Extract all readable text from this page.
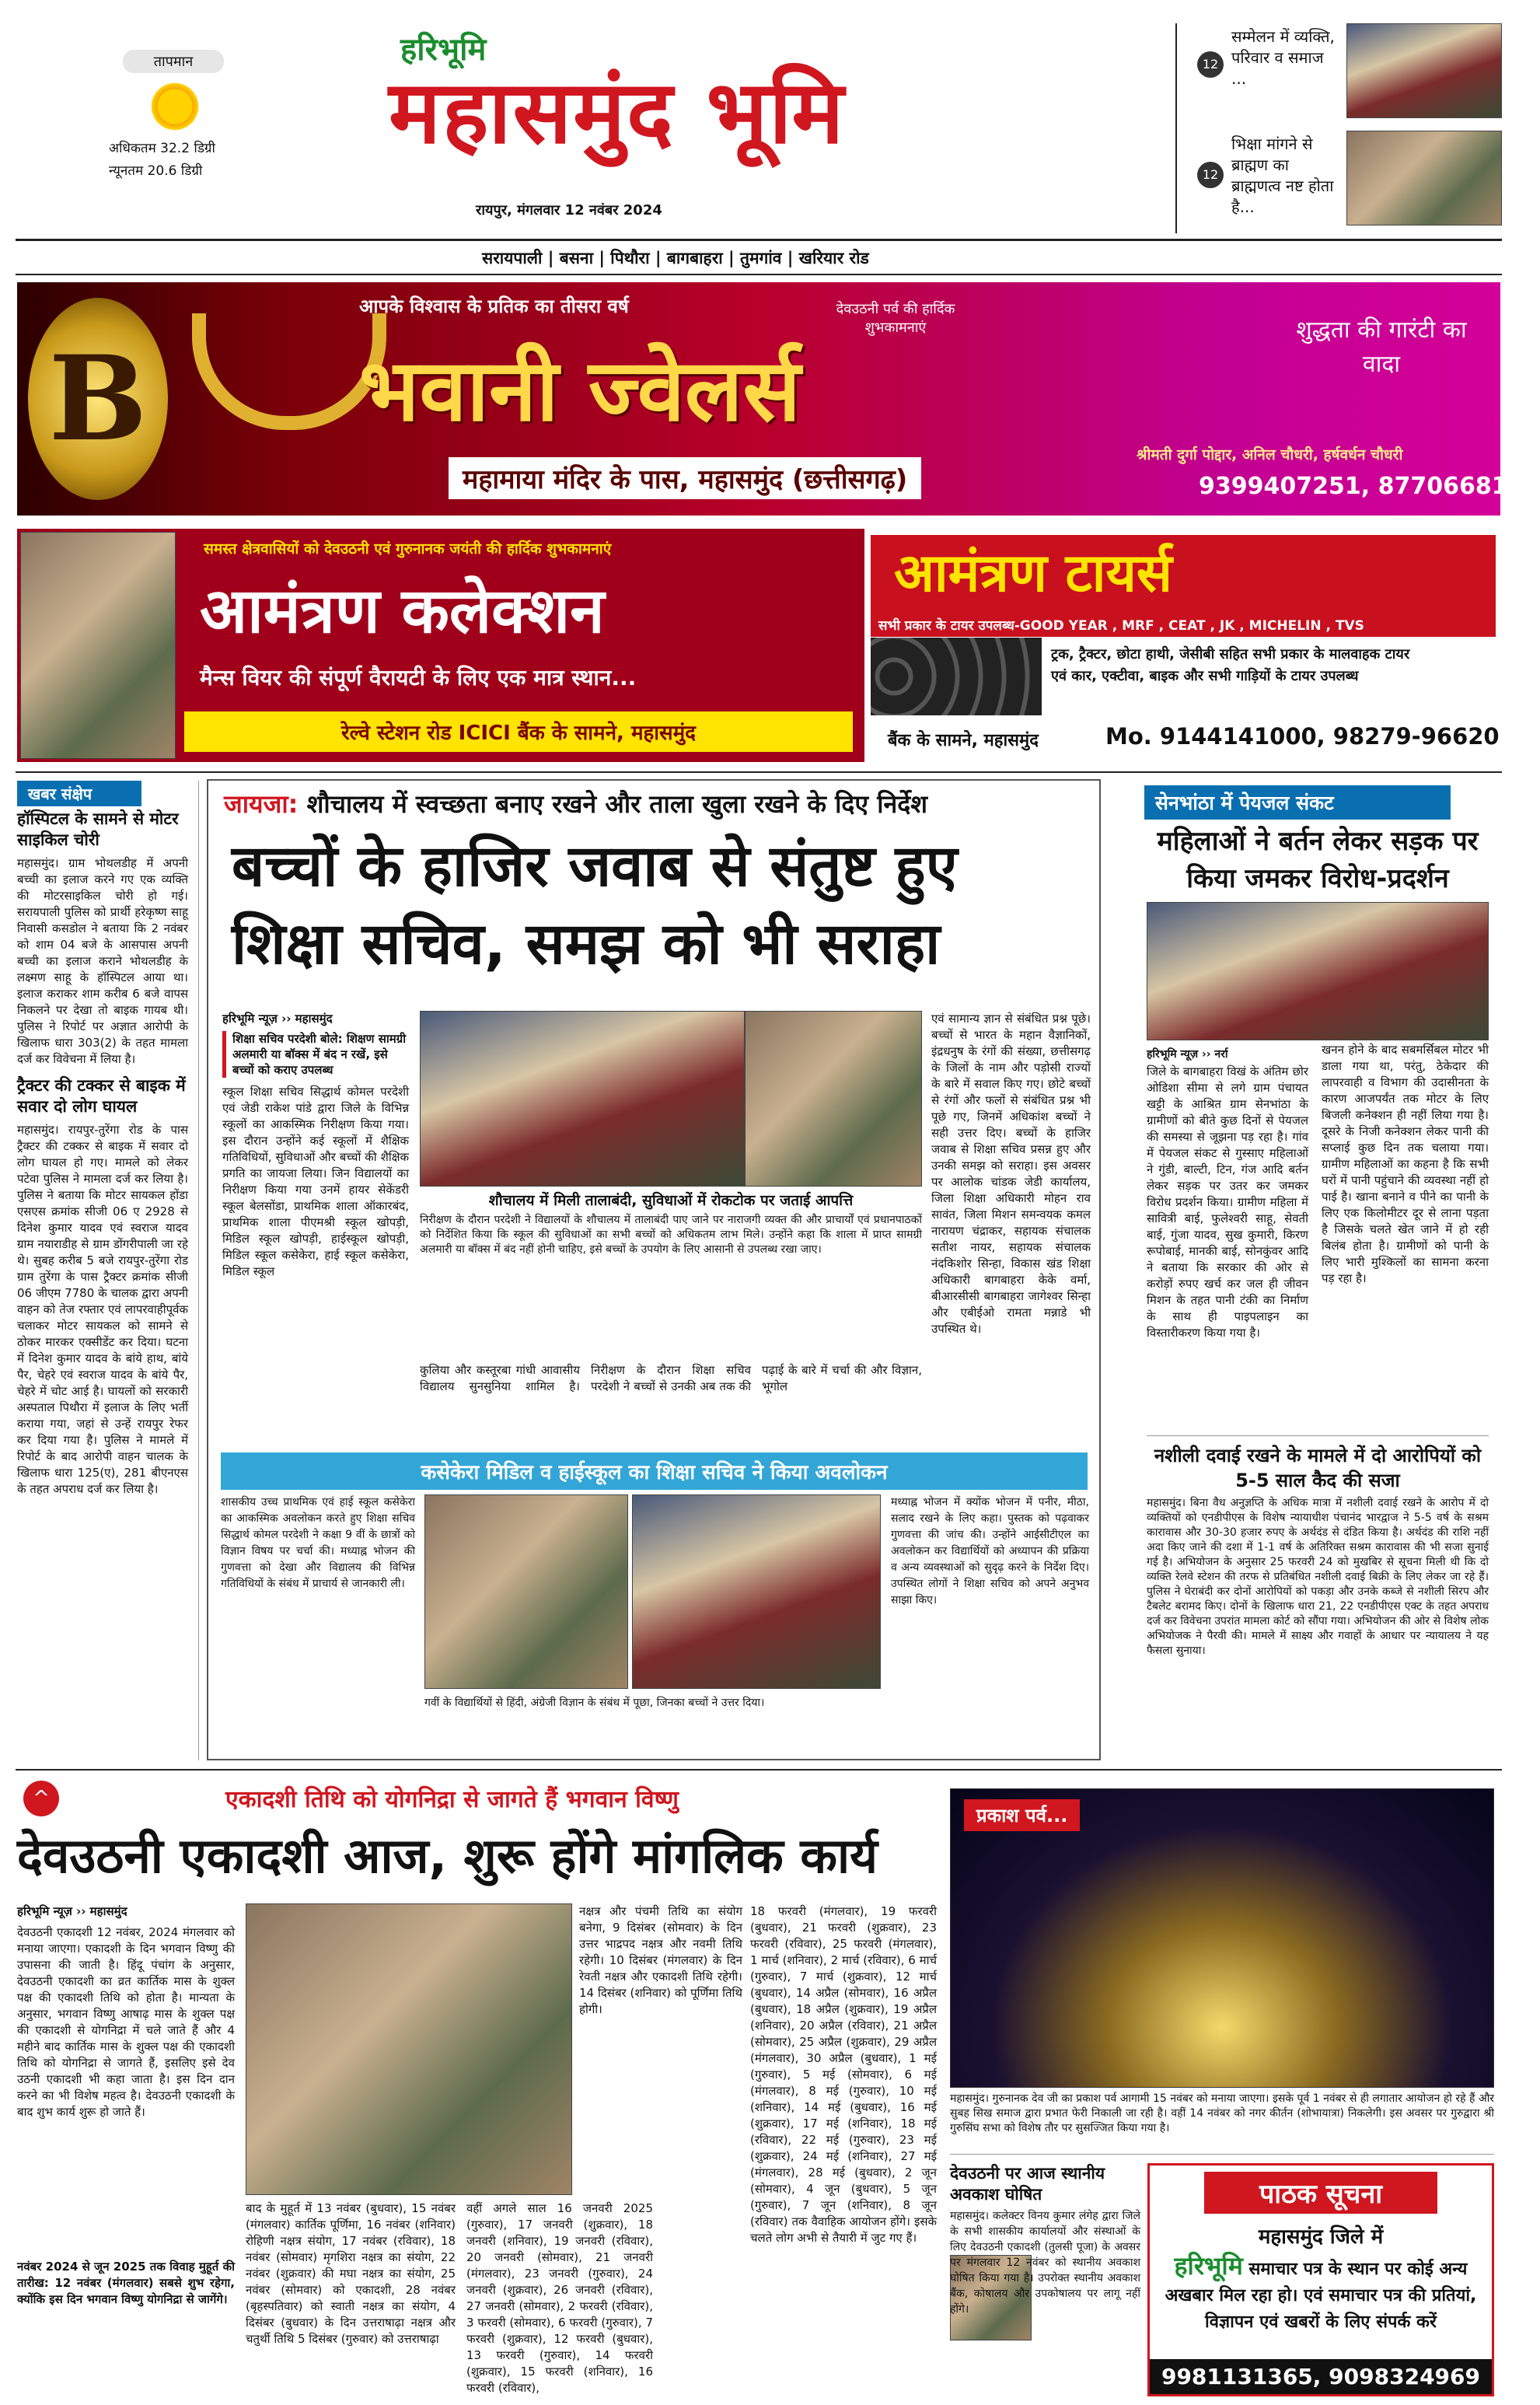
तापमान
अधिकतम 32.2 डिग्री
न्यूनतम 20.6 डिग्री
हरिभूमि
महासमुंद भूमि
रायपुर, मंगलवार 12 नवंबर 2024
12
सम्मेलन में व्यक्ति, परिवार व समाज ...
12
भिक्षा मांगने से ब्राह्मण का ब्राह्मणत्व नष्ट होता है...
सरायपाली | बसना | पिथौरा | बागबाहरा | तुमगांव | खरियार रोड
B
आपके विश्वास के प्रतिक का तीसरा वर्ष	देवउठनी पर्व की हार्दिक शुभकामनाएं
भवानी ज्वेलर्स
शुद्धता की गारंटी का वादा
महामाया मंदिर के पास, महासमुंद (छत्तीसगढ़)
श्रीमती दुर्गा पोद्दार, अनिल चौधरी, हर्षवर्धन चौधरी
9399407251, 8770668185
समस्त क्षेत्रवासियों को देवउठनी एवं गुरुनानक जयंती की हार्दिक शुभकामनाएं
आमंत्रण कलेक्शन
मैन्स वियर की संपूर्ण वैरायटी के लिए एक मात्र स्थान...
रेल्वे स्टेशन रोड ICICI बैंक के सामने, महासमुंद
आमंत्रण टायर्स
सभी प्रकार के टायर उपलब्ध-GOOD YEAR , MRF , CEAT , JK , MICHELIN , TVS
ट्रक, ट्रैक्टर, छोटा हाथी, जेसीबी सहित सभी प्रकार के मालवाहक टायर एवं कार, एक्टीवा, बाइक और सभी गाड़ियों के टायर उपलब्ध
बैंक के सामने, महासमुंद	Mo. 9144141000, 98279-96620
खबर संक्षेप
हॉस्पिटल के सामने से मोटर साइकिल चोरी
महासमुंद। ग्राम भोथलडीह में अपनी बच्ची का इलाज करने गए एक व्यक्ति की मोटरसाइकिल चोरी हो गई। सरायपाली पुलिस को प्रार्थी हरेकृष्ण साहू निवासी कसडोल ने बताया कि 2 नवंबर को शाम 04 बजे के आसपास अपनी बच्ची का इलाज कराने भोथलडीह के लक्ष्मण साहू के हॉस्पिटल आया था। इलाज कराकर शाम करीब 6 बजे वापस निकलने पर देखा तो बाइक गायब थी। पुलिस ने रिपोर्ट पर अज्ञात आरोपी के खिलाफ धारा 303(2) के तहत मामला दर्ज कर विवेचना में लिया है।
ट्रैक्टर की टक्कर से बाइक में सवार दो लोग घायल
महासमुंद। रायपुर-तुरेंगा रोड के पास ट्रैक्टर की टक्कर से बाइक में सवार दो लोग घायल हो गए। मामले को लेकर पटेवा पुलिस ने मामला दर्ज कर लिया है। पुलिस ने बताया कि मोटर सायकल होंडा एसएस क्रमांक सीजी 06 ए 2928 से दिनेश कुमार यादव एवं स्वराज यादव ग्राम नयाराडीह से ग्राम डोंगरीपाली जा रहे थे। सुबह करीब 5 बजे रायपुर-तुरेंगा रोड ग्राम तुरेंगा के पास ट्रैक्टर क्रमांक सीजी 06 जीएम 7780 के चालक द्वारा अपनी वाहन को तेज रफ्तार एवं लापरवाहीपूर्वक चलाकर मोटर सायकल को सामने से ठोकर मारकर एक्सीडेंट कर दिया। घटना में दिनेश कुमार यादव के बांये हाथ, बांये पैर, चेहरे एवं स्वराज यादव के बांये पैर, चेहरे में चोट आई है। घायलों को सरकारी अस्पताल पिथौरा में इलाज के लिए भर्ती कराया गया, जहां से उन्हें रायपुर रेफर कर दिया गया है। पुलिस ने मामले में रिपोर्ट के बाद आरोपी वाहन चालक के खिलाफ धारा 125(ए), 281 बीएनएस के तहत अपराध दर्ज कर लिया है।
जायजा: शौचालय में स्वच्छता बनाए रखने और ताला खुला रखने के दिए निर्देश
बच्चों के हाजिर जवाब से संतुष्ट हुए
शिक्षा सचिव, समझ को भी सराहा
हरिभूमि न्यूज़ ›› महासमुंद
शिक्षा सचिव परदेशी बोले: शिक्षण सामग्री अलमारी या बॉक्स में बंद न रखें, इसे बच्चों को कराए उपलब्ध
स्कूल शिक्षा सचिव सिद्धार्थ कोमल परदेशी एवं जेडी राकेश पांडे द्वारा जिले के विभिन्न स्कूलों का आकस्मिक निरीक्षण किया गया। इस दौरान उन्होंने कई स्कूलों में शैक्षिक गतिविधियों, सुविधाओं और बच्चों की शैक्षिक प्रगति का जायजा लिया। जिन विद्यालयों का निरीक्षण किया गया उनमें हायर सेकेंडरी स्कूल बेलसोंडा, प्राथमिक शाला ऑकारबंद, प्राथमिक शाला पीएमश्री स्कूल खोपड़ी, मिडिल स्कूल खोपड़ी, हाईस्कूल खोपड़ी, मिडिल स्कूल कसेकेरा, हाई स्कूल कसेकेरा, मिडिल स्कूल
शौचालय में मिली तालाबंदी, सुविधाओं में रोकटोक पर जताई आपत्ति
निरीक्षण के दौरान परदेशी ने विद्यालयों के शौचालय में तालाबंदी पाए जाने पर नाराजगी व्यक्त की और प्राचार्यों एवं प्रधानपाठकों को निर्देशित किया कि स्कूल की सुविधाओं का सभी बच्चों को अधिकतम लाभ मिले। उन्होंने कहा कि शाला में प्राप्त सामग्री अलमारी या बॉक्स में बंद नहीं होनी चाहिए, इसे बच्चों के उपयोग के लिए आसानी से उपलब्ध रखा जाए।
कुलिया और कस्तूरबा गांधी आवासीय विद्यालय सुनसुनिया शामिल है। निरीक्षण के दौरान शिक्षा सचिव परदेशी ने बच्चों से उनकी अब तक की पढ़ाई के बारे में चर्चा की और विज्ञान, भूगोल
एवं सामान्य ज्ञान से संबंधित प्रश्न पूछे। बच्चों से भारत के महान वैज्ञानिकों, इंद्रधनुष के रंगों की संख्या, छत्तीसगढ़ के जिलों के नाम और पड़ोसी राज्यों के बारे में सवाल किए गए। छोटे बच्चों से रंगों और फलों से संबंधित प्रश्न भी पूछे गए, जिनमें अधिकांश बच्चों ने सही उत्तर दिए। बच्चों के हाजिर जवाब से शिक्षा सचिव प्रसन्न हुए और उनकी समझ को सराहा। इस अवसर पर आलोक चांडक जेडी कार्यालय, जिला शिक्षा अधिकारी मोहन राव सावंत, जिला मिशन समन्वयक कमल नारायण चंद्राकर, सहायक संचालक सतीश नायर, सहायक संचालक नंदकिशोर सिन्हा, विकास खंड शिक्षा अधिकारी बागबाहरा केके वर्मा, बीआरसीसी बागबाहरा जागेश्वर सिन्हा और एबीईओ रामता मन्नाडे भी उपस्थित थे।
कसेकेरा मिडिल व हाईस्कूल का शिक्षा सचिव ने किया अवलोकन
शासकीय उच्च प्राथमिक एवं हाई स्कूल कसेकेरा का आकस्मिक अवलोकन करते हुए शिक्षा सचिव सिद्धार्थ कोमल परदेशी ने कक्षा 9 वीं के छात्रों को विज्ञान विषय पर चर्चा की। मध्याह्न भोजन की गुणवत्ता को देखा और विद्यालय की विभिन्न गतिविधियों के संबंध में प्राचार्य से जानकारी ली।
गवीं के विद्यार्थियों से हिंदी, अंग्रेजी विज्ञान के संबंध में पूछा, जिनका बच्चों ने उत्तर दिया।
मध्याह्न भोजन में क्योंक भोजन में पनीर, मीठा, सलाद रखने के लिए कहा। पुस्तक को पढ़वाकर गुणवत्ता की जांच की। उन्होंने आईसीटीएल का अवलोकन कर विद्यार्थियों को अध्यापन की प्रक्रिया व अन्य व्यवस्थाओं को सुदृढ़ करने के निर्देश दिए। उपस्थित लोगों ने शिक्षा सचिव को अपने अनुभव साझा किए।
सेनभांठा में पेयजल संकट
महिलाओं ने बर्तन लेकर सड़क पर किया जमकर विरोध-प्रदर्शन
हरिभूमि न्यूज़ ›› नर्रा
जिले के बागबाहरा विखं के अंतिम छोर ओडिशा सीमा से लगे ग्राम पंचायत खट्टी के आश्रित ग्राम सेनभांठा के ग्रामीणों को बीते कुछ दिनों से पेयजल की समस्या से जूझना पड़ रहा है। गांव में पेयजल संकट से गुस्साए महिलाओं ने गुंडी, बाल्टी, टिन, गंज आदि बर्तन लेकर सड़क पर उतर कर जमकर विरोध प्रदर्शन किया। ग्रामीण महिला में सावित्री बाई, फुलेश्वरी साहू, सेवती बाई, गुंजा यादव, सुख कुमारी, किरण रूपोबाई, मानकी बाई, सोनकुंवर आदि ने बताया कि सरकार की ओर से करोड़ों रुपए खर्च कर जल ही जीवन मिशन के तहत पानी टंकी का निर्माण के साथ ही पाइपलाइन का विस्तारीकरण किया गया है।
खनन होने के बाद सबमर्सिबल मोटर भी डाला गया था, परंतु, ठेकेदार की लापरवाही व विभाग की उदासीनता के कारण आजपर्यंत तक मोटर के लिए बिजली कनेक्शन ही नहीं लिया गया है। दूसरे के निजी कनेक्शन लेकर पानी की सप्लाई कुछ दिन तक चलाया गया। ग्रामीण महिलाओं का कहना है कि सभी घरों में पानी पहुंचाने की व्यवस्था नहीं हो पाई है। खाना बनाने व पीने का पानी के लिए एक किलोमीटर दूर से लाना पड़ता है जिसके चलते खेत जाने में हो रही बिलंब होता है। ग्रामीणों को पानी के लिए भारी मुश्किलों का सामना करना पड़ रहा है।
नशीली दवाई रखने के मामले में दो आरोपियों को 5-5 साल कैद की सजा
महासमुंद। बिना वैध अनुज्ञप्ति के अधिक मात्रा में नशीली दवाई रखने के आरोप में दो व्यक्तियों को एनडीपीएस के विशेष न्यायाधीश पंचानंद भारद्वाज ने 5-5 वर्ष के सश्रम कारावास और 30-30 हजार रुपए के अर्थदंड से दंडित किया है। अर्थदंड की राशि नहीं अदा किए जाने की दशा में 1-1 वर्ष के अतिरिक्त सश्रम कारावास की भी सजा सुनाई गई है। अभियोजन के अनुसार 25 फरवरी 24 को मुखबिर से सूचना मिली थी कि दो व्यक्ति रेलवे स्टेशन की तरफ से प्रतिबंधित नशीली दवाई बिक्री के लिए लेकर जा रहे हैं। पुलिस ने घेराबंदी कर दोनों आरोपियों को पकड़ा और उनके कब्जे से नशीली सिरप और टैबलेट बरामद किए। दोनों के खिलाफ धारा 21, 22 एनडीपीएस एक्ट के तहत अपराध दर्ज कर विवेचना उपरांत मामला कोर्ट को सौंपा गया। अभियोजन की ओर से विशेष लोक अभियोजक ने पैरवी की। मामले में साक्ष्य और गवाहों के आधार पर न्यायालय ने यह फैसला सुनाया।
^	एकादशी तिथि को योगनिद्रा से जागते हैं भगवान विष्णु
देवउठनी एकादशी आज, शुरू होंगे मांगलिक कार्य
हरिभूमि न्यूज़ ›› महासमुंद
देवउठनी एकादशी 12 नवंबर, 2024 मंगलवार को मनाया जाएगा। एकादशी के दिन भगवान विष्णु की उपासना की जाती है। हिंदू पंचांग के अनुसार, देवउठनी एकादशी का व्रत कार्तिक मास के शुक्ल पक्ष की एकादशी तिथि को होता है। मान्यता के अनुसार, भगवान विष्णु आषाढ़ मास के शुक्ल पक्ष की एकादशी से योगनिद्रा में चले जाते हैं और 4 महीने बाद कार्तिक मास के शुक्ल पक्ष की एकादशी तिथि को योगनिद्रा से जागते हैं, इसलिए इसे देव उठनी एकादशी भी कहा जाता है। इस दिन दान करने का भी विशेष महत्व है। देवउठनी एकादशी के बाद शुभ कार्य शुरू हो जाते हैं।
नवंबर 2024 से जून 2025 तक विवाह मुहूर्त की तारीख: 12 नवंबर (मंगलवार) सबसे शुभ रहेगा, क्योंकि इस दिन भगवान विष्णु योगनिद्रा से जागेंगे।
नक्षत्र और पंचमी तिथि का संयोग बनेगा, 9 दिसंबर (सोमवार) के दिन उत्तर भाद्रपद नक्षत्र और नवमी तिथि रहेगी। 10 दिसंबर (मंगलवार) के दिन रेवती नक्षत्र और एकादशी तिथि रहेगी। 14 दिसंबर (शनिवार) को पूर्णिमा तिथि होगी।
बाद के मुहूर्त में 13 नवंबर (बुधवार), 15 नवंबर (मंगलवार) कार्तिक पूर्णिमा, 16 नवंबर (शनिवार) रोहिणी नक्षत्र संयोग, 17 नवंबर (रविवार), 18 नवंबर (सोमवार) मृगशिरा नक्षत्र का संयोग, 22 नवंबर (शुक्रवार) की मघा नक्षत्र का संयोग, 25 नवंबर (सोमवार) को एकादशी, 28 नवंबर (बृहस्पतिवार) को स्वाती नक्षत्र का संयोग, 4 दिसंबर (बुधवार) के दिन उत्तराषाढ़ा नक्षत्र और चतुर्थी तिथि 5 दिसंबर (गुरुवार) को उत्तराषाढ़ा
वहीं अगले साल 16 जनवरी 2025 (गुरुवार), 17 जनवरी (शुक्रवार), 18 जनवरी (शनिवार), 19 जनवरी (रविवार), 20 जनवरी (सोमवार), 21 जनवरी (मंगलवार), 23 जनवरी (गुरुवार), 24 जनवरी (शुक्रवार), 26 जनवरी (रविवार), 27 जनवरी (सोमवार), 2 फरवरी (रविवार), 3 फरवरी (सोमवार), 6 फरवरी (गुरुवार), 7 फरवरी (शुक्रवार), 12 फरवरी (बुधवार), 13 फरवरी (गुरुवार), 14 फरवरी (शुक्रवार), 15 फरवरी (शनिवार), 16 फरवरी (रविवार),
18 फरवरी (मंगलवार), 19 फरवरी (बुधवार), 21 फरवरी (शुक्रवार), 23 फरवरी (रविवार), 25 फरवरी (मंगलवार), 1 मार्च (शनिवार), 2 मार्च (रविवार), 6 मार्च (गुरुवार), 7 मार्च (शुक्रवार), 12 मार्च (बुधवार), 14 अप्रैल (सोमवार), 16 अप्रैल (बुधवार), 18 अप्रैल (शुक्रवार), 19 अप्रैल (शनिवार), 20 अप्रैल (रविवार), 21 अप्रैल (सोमवार), 25 अप्रैल (शुक्रवार), 29 अप्रैल (मंगलवार), 30 अप्रैल (बुधवार), 1 मई (गुरुवार), 5 मई (सोमवार), 6 मई (मंगलवार), 8 मई (गुरुवार), 10 मई (शनिवार), 14 मई (बुधवार), 16 मई (शुक्रवार), 17 मई (शनिवार), 18 मई (रविवार), 22 मई (गुरुवार), 23 मई (शुक्रवार), 24 मई (शनिवार), 27 मई (मंगलवार), 28 मई (बुधवार), 2 जून (सोमवार), 4 जून (बुधवार), 5 जून (गुरुवार), 7 जून (शनिवार), 8 जून (रविवार) तक वैवाहिक आयोजन होंगे। इसके चलते लोग अभी से तैयारी में जुट गए हैं।
प्रकाश पर्व...
महासमुंद। गुरुनानक देव जी का प्रकाश पर्व आगामी 15 नवंबर को मनाया जाएगा। इसके पूर्व 1 नवंबर से ही लगातार आयोजन हो रहे हैं और सुबह सिख समाज द्वारा प्रभात फेरी निकाली जा रही है। वहीं 14 नवंबर को नगर कीर्तन (शोभायात्रा) निकलेगी। इस अवसर पर गुरुद्वारा श्री गुरुसिंघ सभा को विशेष तौर पर सुसज्जित किया गया है।
देवउठनी पर आज स्थानीय अवकाश घोषित
महासमुंद। कलेक्टर विनय कुमार लंगेह द्वारा जिले के सभी शासकीय कार्यालयों और संस्थाओं के लिए देवउठनी एकादशी (तुलसी पूजा) के अवसर पर मंगलवार 12 नवंबर को स्थानीय अवकाश घोषित किया गया है। उपरोक्त स्थानीय अवकाश बैंक, कोषालय और उपकोषालय पर लागू नहीं होंगे।
पाठक सूचना
महासमुंद जिले में
हरिभूमि समाचार पत्र के स्थान पर कोई अन्य अखबार मिल रहा हो। एवं समाचार पत्र की प्रतियां, विज्ञापन एवं खबरों के लिए संपर्क करें
9981131365, 9098324969
